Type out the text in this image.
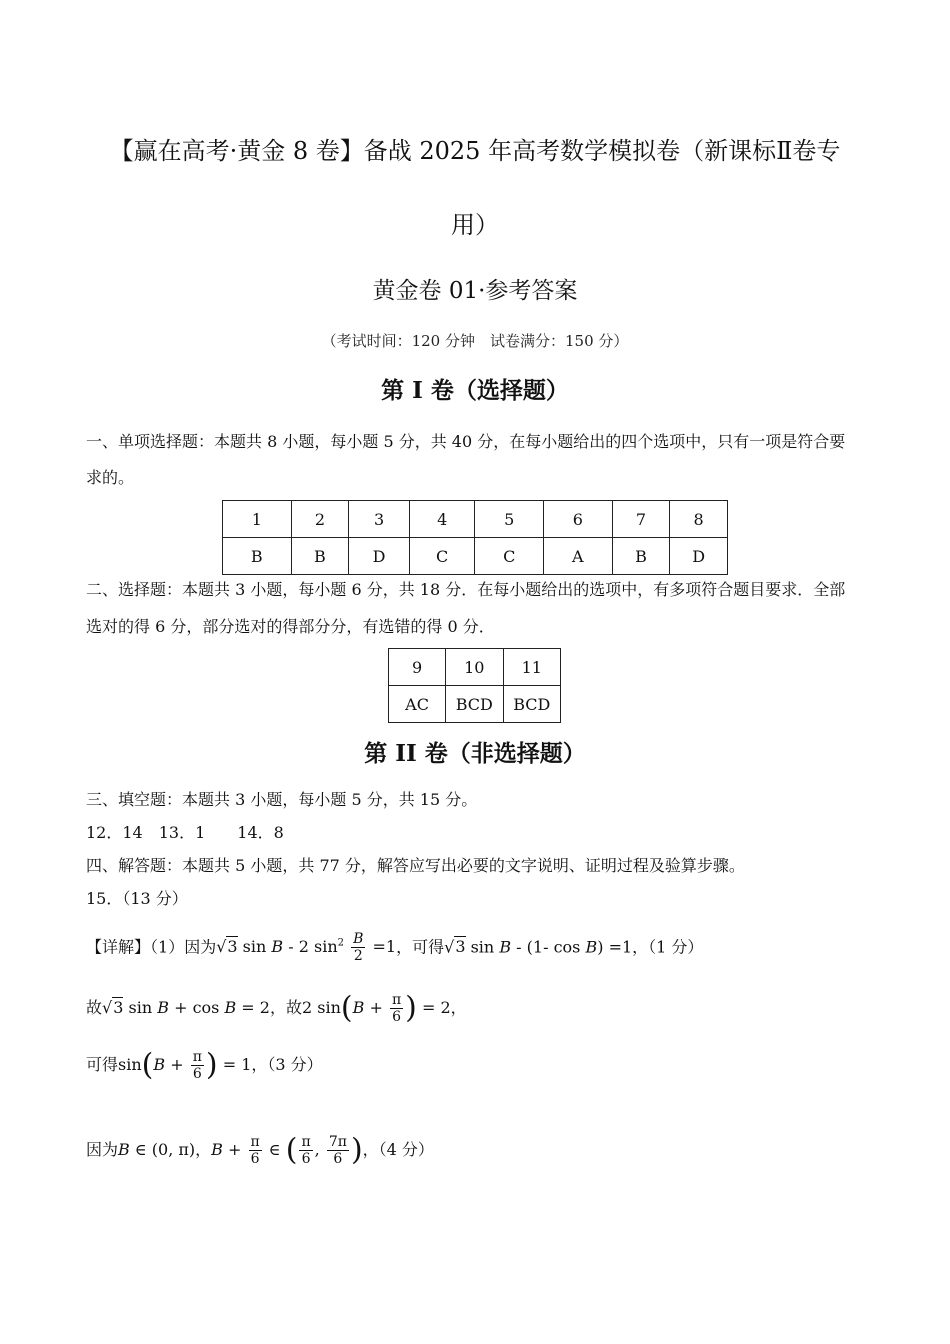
【赢在高考·黄金 8 卷】备战 2025 年高考数学模拟卷（新课标Ⅱ卷专
用）
黄金卷 01·参考答案
（考试时间：120 分钟　试卷满分：150 分）
第 I 卷（选择题）
一、单项选择题：本题共 8 小题，每小题 5 分，共 40 分，在每小题给出的四个选项中，只有一项是符合要
求的。
1	2	3	4	5	6	7	8
B	B	D	C	C	A	B	D
二、选择题：本题共 3 小题，每小题 6 分，共 18 分．在每小题给出的选项中，有多项符合题目要求．全部
选对的得 6 分，部分选对的得部分分，有选错的得 0 分．
9	10	11
AC	BCD	BCD
第 II 卷（非选择题）
三、填空题：本题共 3 小题，每小题 5 分，共 15 分。
12．14　13．1　　14．8
四、解答题：本题共 5 小题，共 77 分，解答应写出必要的文字说明、证明过程及验算步骤。
15．（13 分）
【详解】（1）因为√3 sin B - 2 $\sin^2 \frac{B}{2} =1$，可得√3 sin B - (1- cos B) =1，（1 分）
故√3 sin B + cos B = 2，故2 $\sin(B + \frac{\pi}{6}$ ) = 2，
可得$\sin(B + \frac{\pi}{6}$ ) = 1，（3 分）
因为B ∈ (0, π)，$B + \frac{\pi}{6}$ ∈ ( $\frac{\pi}{6}$ , $\frac{7\pi}{6}$ )，（4 分）
